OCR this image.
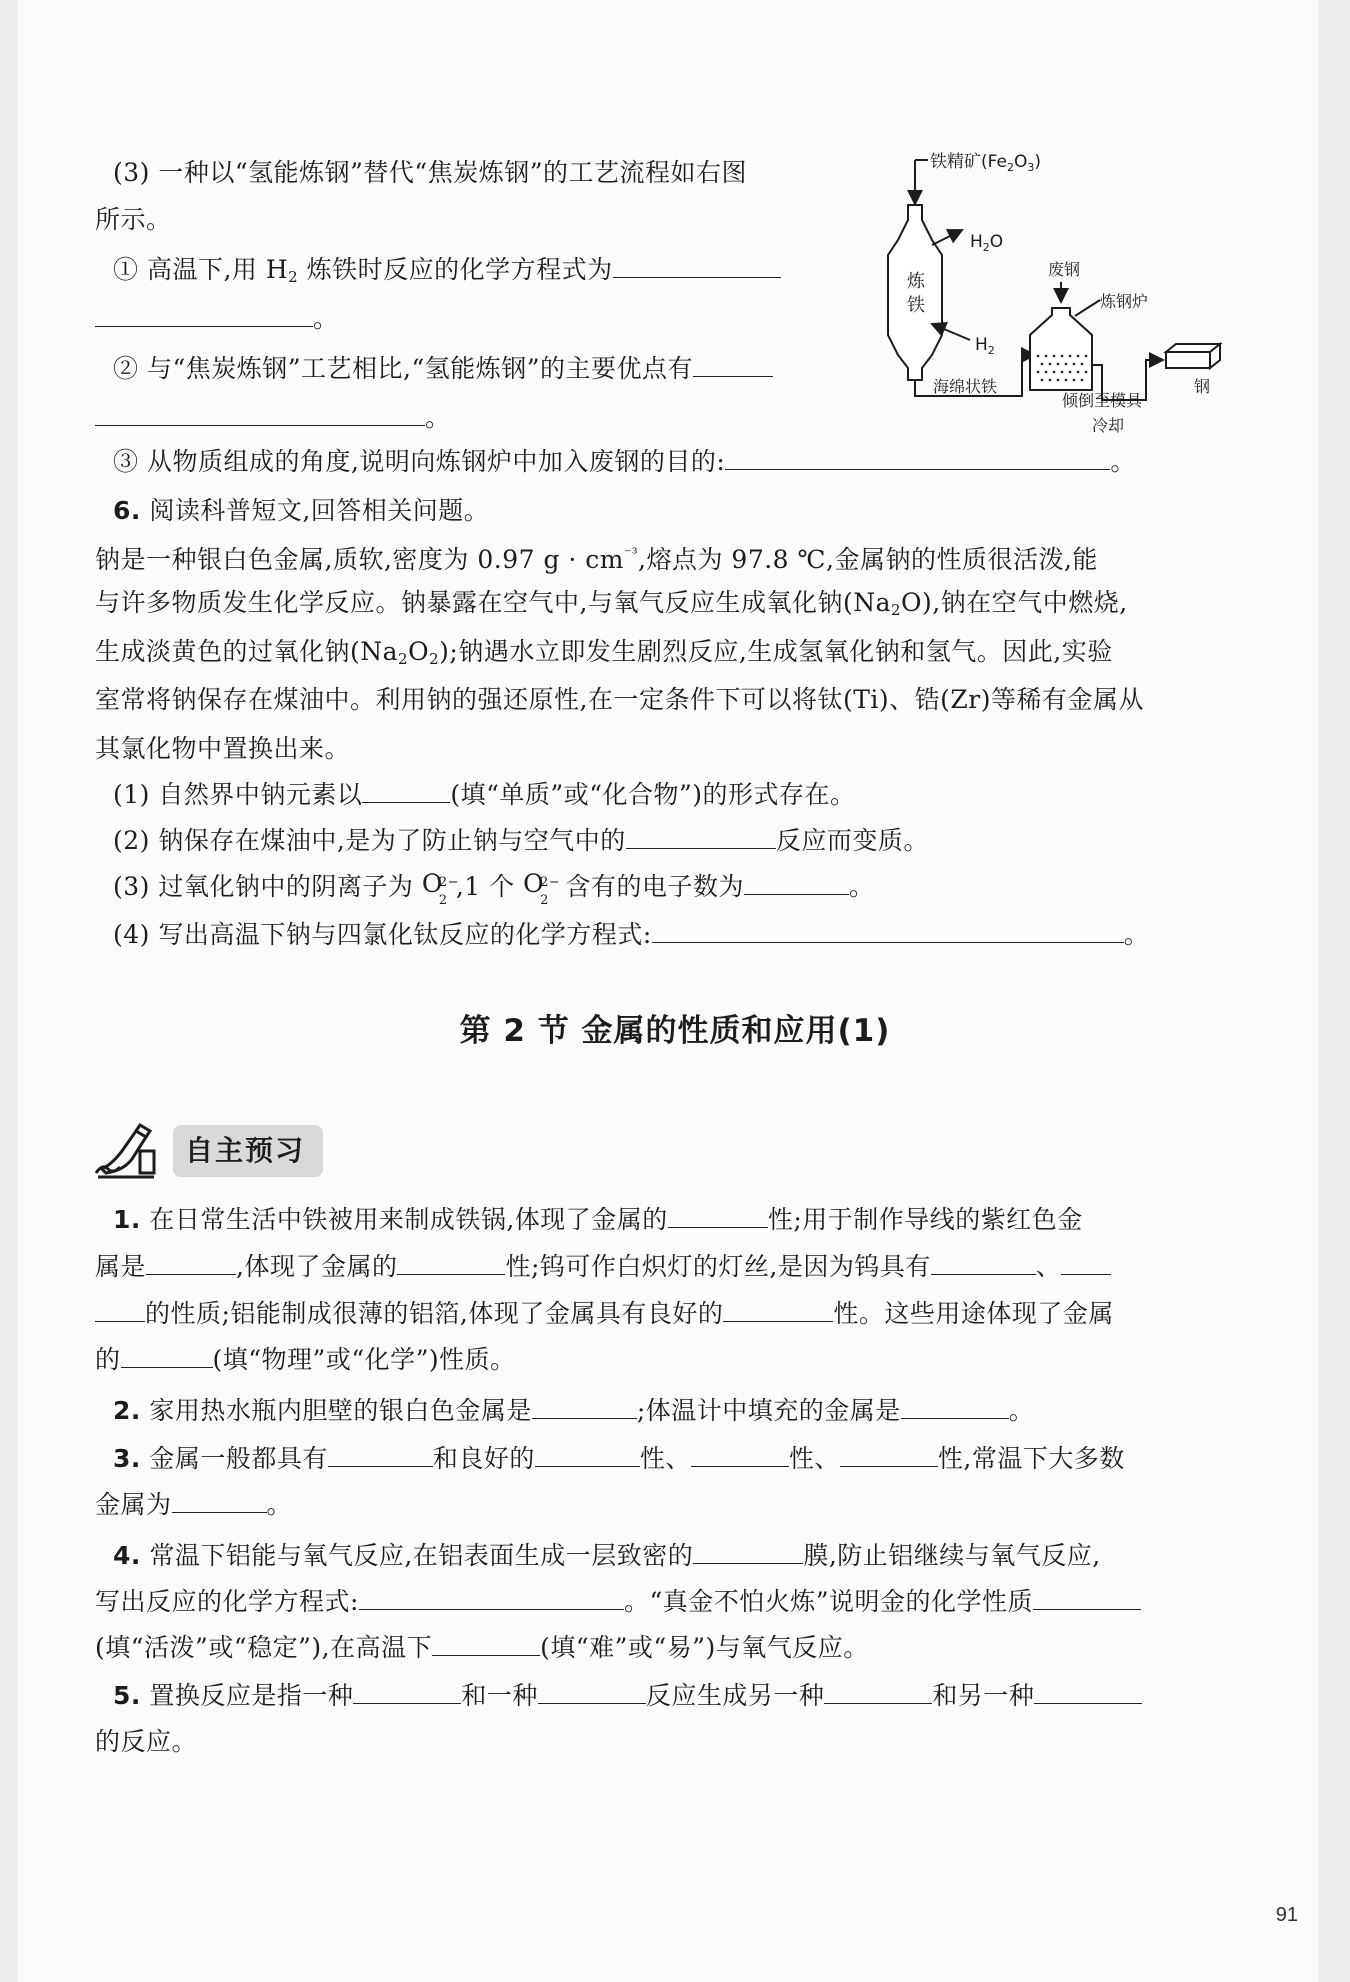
(3) 一种以“氢能炼钢”替代“焦炭炼钢”的工艺流程如右图
所示。
① 高温下,用 $H_2$ 炼铁时反应的化学方程式为
。
② 与“焦炭炼钢”工艺相比,“氢能炼钢”的主要优点有
。
③ 从物质组成的角度,说明向炼钢炉中加入废钢的目的:	。
铁精矿$(Fe_2O_3)$
炼
铁
$H_2O$
$H_2$
海绵状铁
废钢
炼钢炉
倾倒至模具
冷却
钢
6. 阅读科普短文,回答相关问题。
钠是一种银白色金属,质软,密度为 0.97 $g \cdot cm^{^{-3}}$,熔点为 97.8 ℃,金属钠的性质很活泼,能
与许多物质发生化学反应。钠暴露在空气中,与氧气反应生成氧化钠$(Na_2O)$,钠在空气中燃烧,
生成淡黄色的过氧化钠$(Na_2O_2)$;钠遇水立即发生剧烈反应,生成氢氧化钠和氢气。因此,实验
室常将钠保存在煤油中。利用钠的强还原性,在一定条件下可以将钛(Ti)、锆(Zr)等稀有金属从
其氯化物中置换出来。
(1) 自然界中钠元素以	(填“单质”或“化合物”)的形式存在。
(2) 钠保存在煤油中,是为了防止钠与空气中的	反应而变质。
(3) 过氧化钠中的阴离子为 O
2−
2 ,1 个 O
2−
2 含有的电子数为	。
(4) 写出高温下钠与四氯化钛反应的化学方程式:	。
第 2 节 金属的性质和应用(1)
自主预习
1. 在日常生活中铁被用来制成铁锅,体现了金属的	性;用于制作导线的紫红色金
属是	,体现了金属的	性;钨可作白炽灯的灯丝,是因为钨具有	、
的性质;铝能制成很薄的铝箔,体现了金属具有良好的	性。这些用途体现了金属
的	(填“物理”或“化学”)性质。
2. 家用热水瓶内胆壁的银白色金属是	;体温计中填充的金属是	。
3. 金属一般都具有	和良好的	性、	性、	性,常温下大多数
金属为	。
4. 常温下铝能与氧气反应,在铝表面生成一层致密的	膜,防止铝继续与氧气反应,
写出反应的化学方程式:	。“真金不怕火炼”说明金的化学性质
(填“活泼”或“稳定”),在高温下	(填“难”或“易”)与氧气反应。
5. 置换反应是指一种	和一种	反应生成另一种	和另一种
的反应。
91
